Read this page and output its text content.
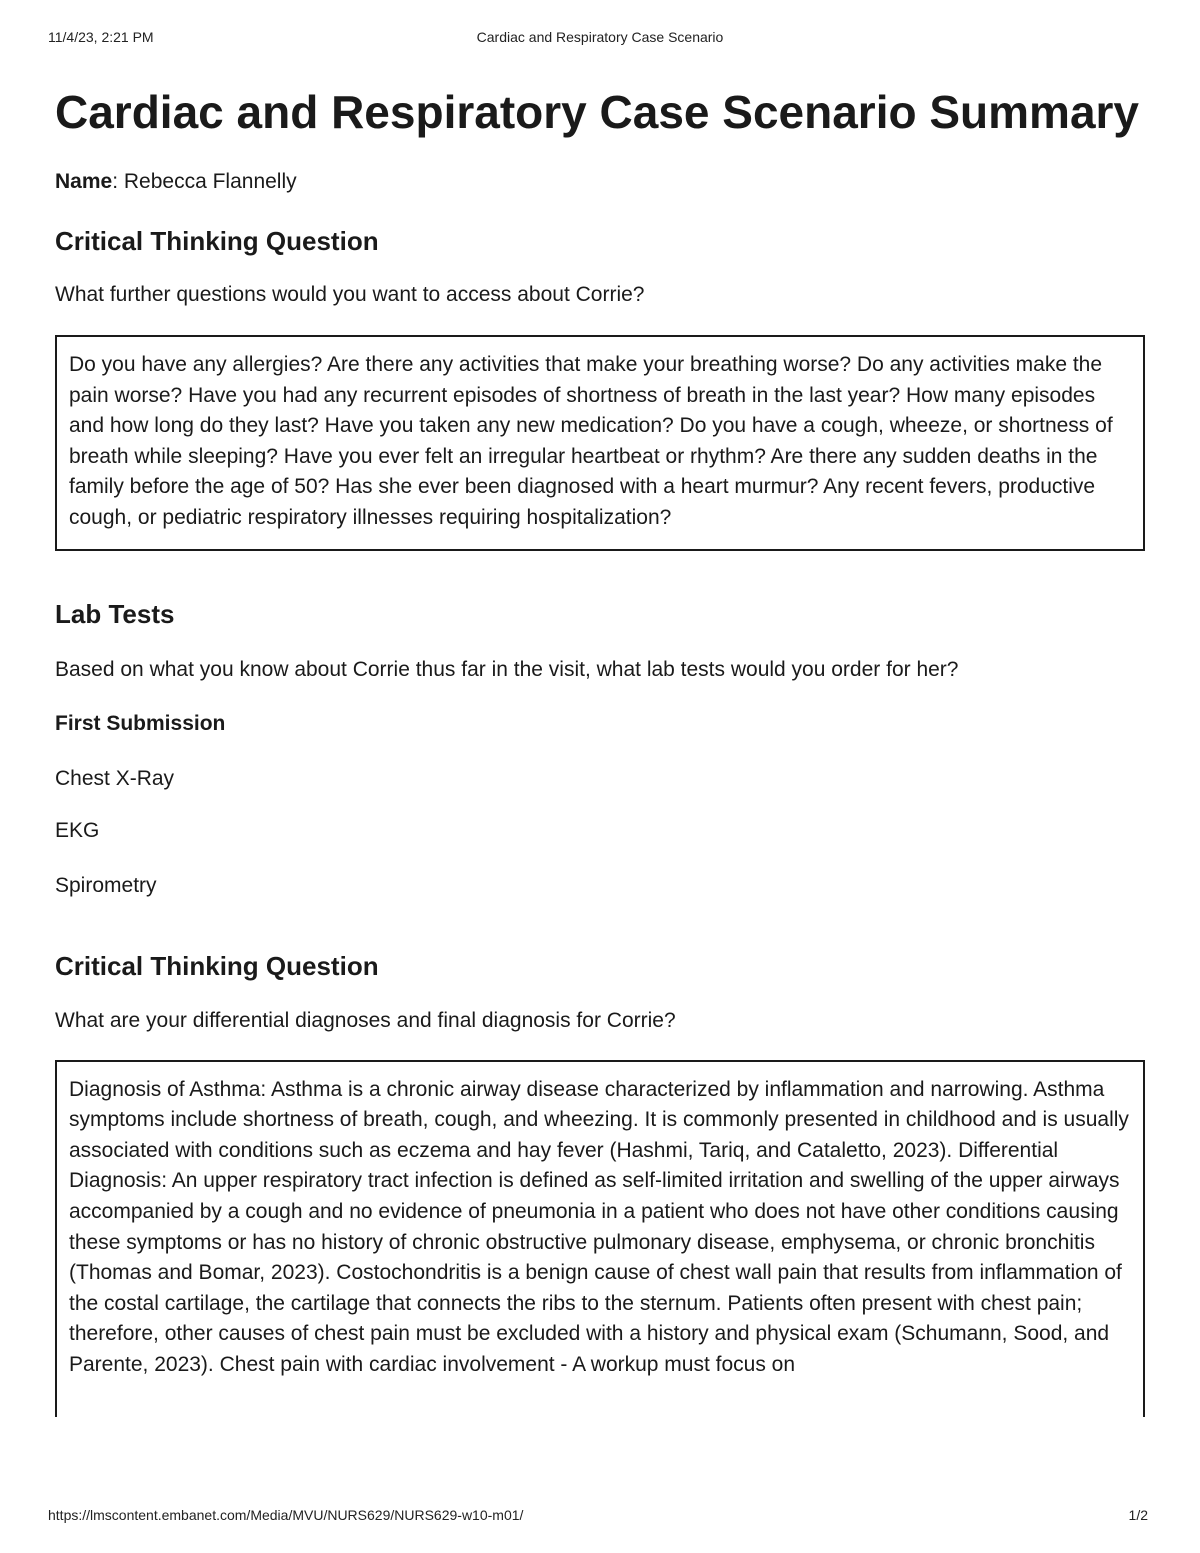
11/4/23, 2:21 PM	Cardiac and Respiratory Case Scenario
Cardiac and Respiratory Case Scenario Summary
Name: Rebecca Flannelly
Critical Thinking Question

What further questions would you want to access about Corrie?

Do you have any allergies? Are there any activities that make your breathing worse? Do any activities make the pain worse? Have you had any recurrent episodes of shortness of breath in the last year? How many episodes and how long do they last? Have you taken any new medication? Do you have a cough, wheeze, or shortness of breath while sleeping? Have you ever felt an irregular heartbeat or rhythm? Are there any sudden deaths in the family before the age of 50? Has she ever been diagnosed with a heart murmur? Any recent fevers, productive cough, or pediatric respiratory illnesses requiring hospitalization?
Lab Tests

Based on what you know about Corrie thus far in the visit, what lab tests would you order for her?

First Submission

Chest X-Ray

EKG

Spirometry

Critical Thinking Question

What are your differential diagnoses and final diagnosis for Corrie?

Diagnosis of Asthma: Asthma is a chronic airway disease characterized by inflammation and narrowing. Asthma symptoms include shortness of breath, cough, and wheezing. It is commonly presented in childhood and is usually associated with conditions such as eczema and hay fever (Hashmi, Tariq, and Cataletto, 2023). Differential Diagnosis: An upper respiratory tract infection is defined as self-limited irritation and swelling of the upper airways accompanied by a cough and no evidence of pneumonia in a patient who does not have other conditions causing these symptoms or has no history of chronic obstructive pulmonary disease, emphysema, or chronic bronchitis (Thomas and Bomar, 2023). Costochondritis is a benign cause of chest wall pain that results from inflammation of the costal cartilage, the cartilage that connects the ribs to the sternum. Patients often present with chest pain; therefore, other causes of chest pain must be excluded with a history and physical exam (Schumann, Sood, and Parente, 2023). Chest pain with cardiac involvement - A workup must focus on
https://lmscontent.embanet.com/Media/MVU/NURS629/NURS629-w10-m01/	1/2
